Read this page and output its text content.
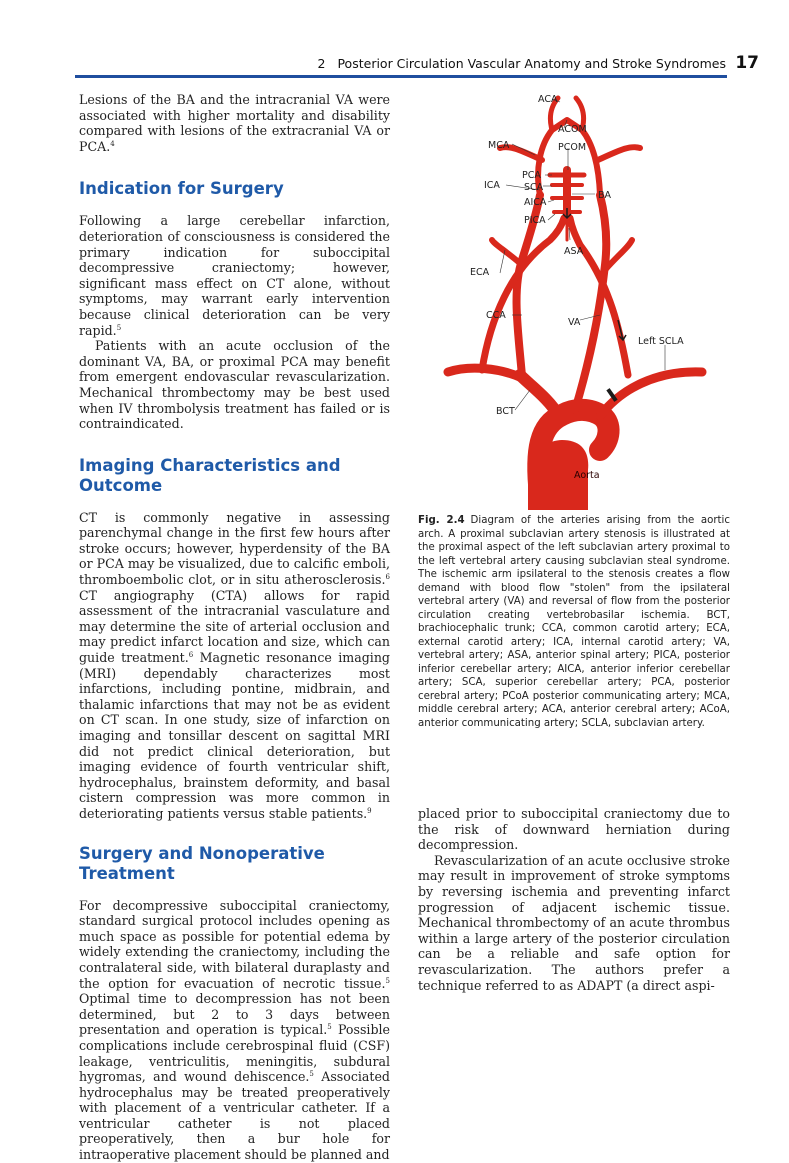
2 Posterior Circulation Vascular Anatomy and Stroke Syndromes 17

Lesions of the BA and the intracranial VA were associated with higher mortality and disability compared with lesions of the extracranial VA or PCA.$^4$

Indication for Surgery

Following a large cerebellar infarction, deterioration of consciousness is considered the primary indication for suboccipital decompressive craniectomy; however, significant mass effect on CT alone, without symptoms, may warrant early intervention because clinical deterioration can be very rapid.$^5$

Patients with an acute occlusion of the dominant VA, BA, or proximal PCA may benefit from emergent endovascular revascularization. Mechanical thrombectomy may be best used when IV thrombolysis treatment has failed or is contraindicated.

Imaging Characteristics and Outcome

CT is commonly negative in assessing parenchymal change in the first few hours after stroke occurs; however, hyperdensity of the BA or PCA may be visualized, due to calcific emboli, thromboembolic clot, or in situ atherosclerosis.$^6$ CT angiography (CTA) allows for rapid assessment of the intracranial vasculature and may determine the site of arterial occlusion and may predict infarct location and size, which can guide treatment.$^6$ Magnetic resonance imaging (MRI) dependably characterizes most infarctions, including pontine, midbrain, and thalamic infarctions that may not be as evident on CT scan. In one study, size of infarction on imaging and tonsillar descent on sagittal MRI did not predict clinical deterioration, but imaging evidence of fourth ventricular shift, hydrocephalus, brainstem deformity, and basal cistern compression was more common in deteriorating patients versus stable patients.$^9$

Surgery and Nonoperative Treatment

For decompressive suboccipital craniectomy, standard surgical protocol includes opening as much space as possible for potential edema by widely extending the craniectomy, including the contralateral side, with bilateral duraplasty and the option for evacuation of necrotic tissue.$^5$ Optimal time to decompression has not been determined, but 2 to 3 days between presentation and operation is typical.$^5$ Possible complications include cerebrospinal fluid (CSF) leakage, ventriculitis, meningitis, subdural hygromas, and wound dehiscence.$^5$ Associated hydrocephalus may be treated preoperatively with placement of a ventricular catheter. If a ventricular catheter is not placed preoperatively, then a bur hole for intraoperative placement should be planned and

ACA
ACOM
MCA	PCOM
PCA
SCA
BA
ICA
AICA
PICA
ASA
ECA
CCA
VA
Left SCLA
BCT
Aorta
Fig. 2.4 Diagram of the arteries arising from the aortic arch. A proximal subclavian artery stenosis is illustrated at the proximal aspect of the left subclavian artery proximal to the left vertebral artery causing subclavian steal syndrome. The ischemic arm ipsilateral to the stenosis creates a flow demand with blood flow "stolen" from the ipsilateral vertebral artery (VA) and reversal of flow from the posterior circulation creating vertebrobasilar ischemia. BCT, brachiocephalic trunk; CCA, common carotid artery; ECA, external carotid artery; ICA, internal carotid artery; VA, vertebral artery; ASA, anterior spinal artery; PICA, posterior inferior cerebellar artery; AICA, anterior inferior cerebellar artery; SCA, superior cerebellar artery; PCA, posterior cerebral artery; PCoA posterior communicating artery; MCA, middle cerebral artery; ACA, anterior cerebral artery; ACoA, anterior communicating artery; SCLA, subclavian artery.

placed prior to suboccipital craniectomy due to the risk of downward herniation during decompression.

Revascularization of an acute occlusive stroke may result in improvement of stroke symptoms by reversing ischemia and preventing infarct progression of adjacent ischemic tissue. Mechanical thrombectomy of an acute thrombus within a large artery of the posterior circulation can be a reliable and safe option for revascularization. The authors prefer a technique referred to as ADAPT (a direct aspi-
